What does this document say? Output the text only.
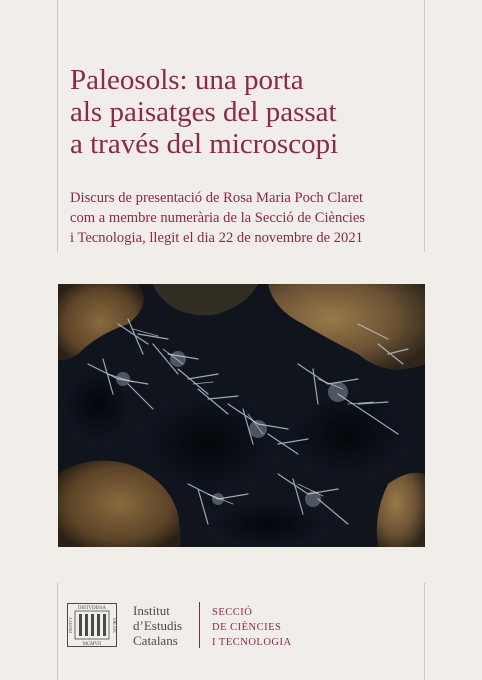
Paleosols: una porta
als paisatges del passat
a través del microscopi
Discurs de presentació de Rosa Maria Poch Claret
com a membre numerària de la Secció de Ciències
i Tecnologia, llegit el dia 22 de novembre de 2021
DISTVDISSA
MCMVII
INSTITV	ABLAIS
Institut
d’Estudis
Catalans
SECCIÓ
DE CIÈNCIES
I TECNOLOGIA
